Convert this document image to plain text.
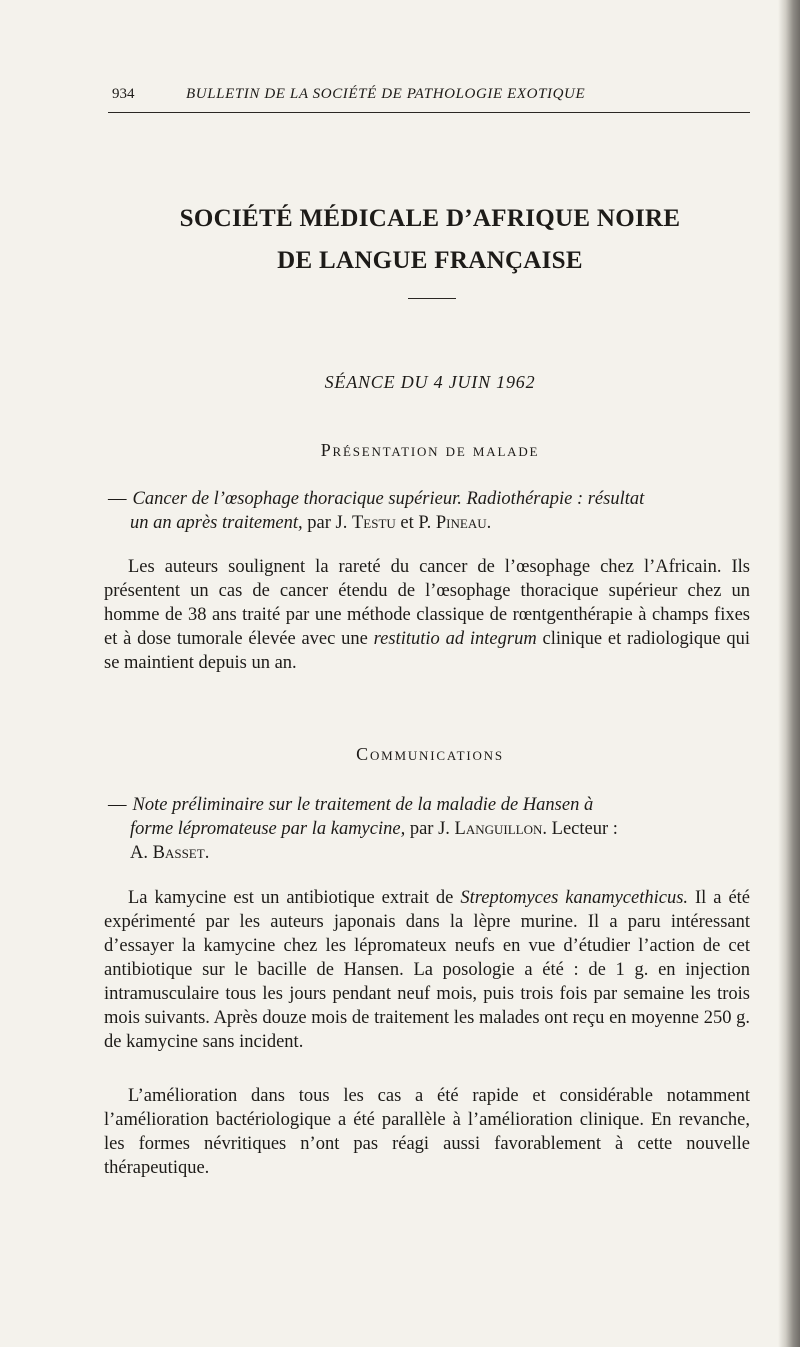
934	BULLETIN DE LA SOCIÉTÉ DE PATHOLOGIE EXOTIQUE
SOCIÉTÉ MÉDICALE D’AFRIQUE NOIRE
DE LANGUE FRANÇAISE
SÉANCE DU 4 JUIN 1962
Présentation de malade

— Cancer de l’œsophage thoracique supérieur. Radiothérapie : résultat
un an après traitement, par J. Testu et P. Pineau.

Les auteurs soulignent la rareté du cancer de l’œsophage chez l’Africain. Ils présentent un cas de cancer étendu de l’œsophage thoracique supérieur chez un homme de 38 ans traité par une méthode classique de rœntgenthérapie à champs fixes et à dose tumorale élevée avec une restitutio ad integrum clinique et radiologique qui se maintient depuis un an.

Communications

— Note préliminaire sur le traitement de la maladie de Hansen à
forme lépromateuse par la kamycine, par J. Languillon. Lecteur :
A. Basset.

La kamycine est un antibiotique extrait de Streptomyces kanamycethicus. Il a été expérimenté par les auteurs japonais dans la lèpre murine. Il a paru intéressant d’essayer la kamycine chez les lépromateux neufs en vue d’étudier l’action de cet antibiotique sur le bacille de Hansen. La posologie a été : de 1 g. en injection intramusculaire tous les jours pendant neuf mois, puis trois fois par semaine les trois mois suivants. Après douze mois de traitement les malades ont reçu en moyenne 250 g. de kamycine sans incident.

L’amélioration dans tous les cas a été rapide et considérable notamment l’amélioration bactériologique a été parallèle à l’amélioration clinique. En revanche, les formes névritiques n’ont pas réagi aussi favorablement à cette nouvelle thérapeutique.
